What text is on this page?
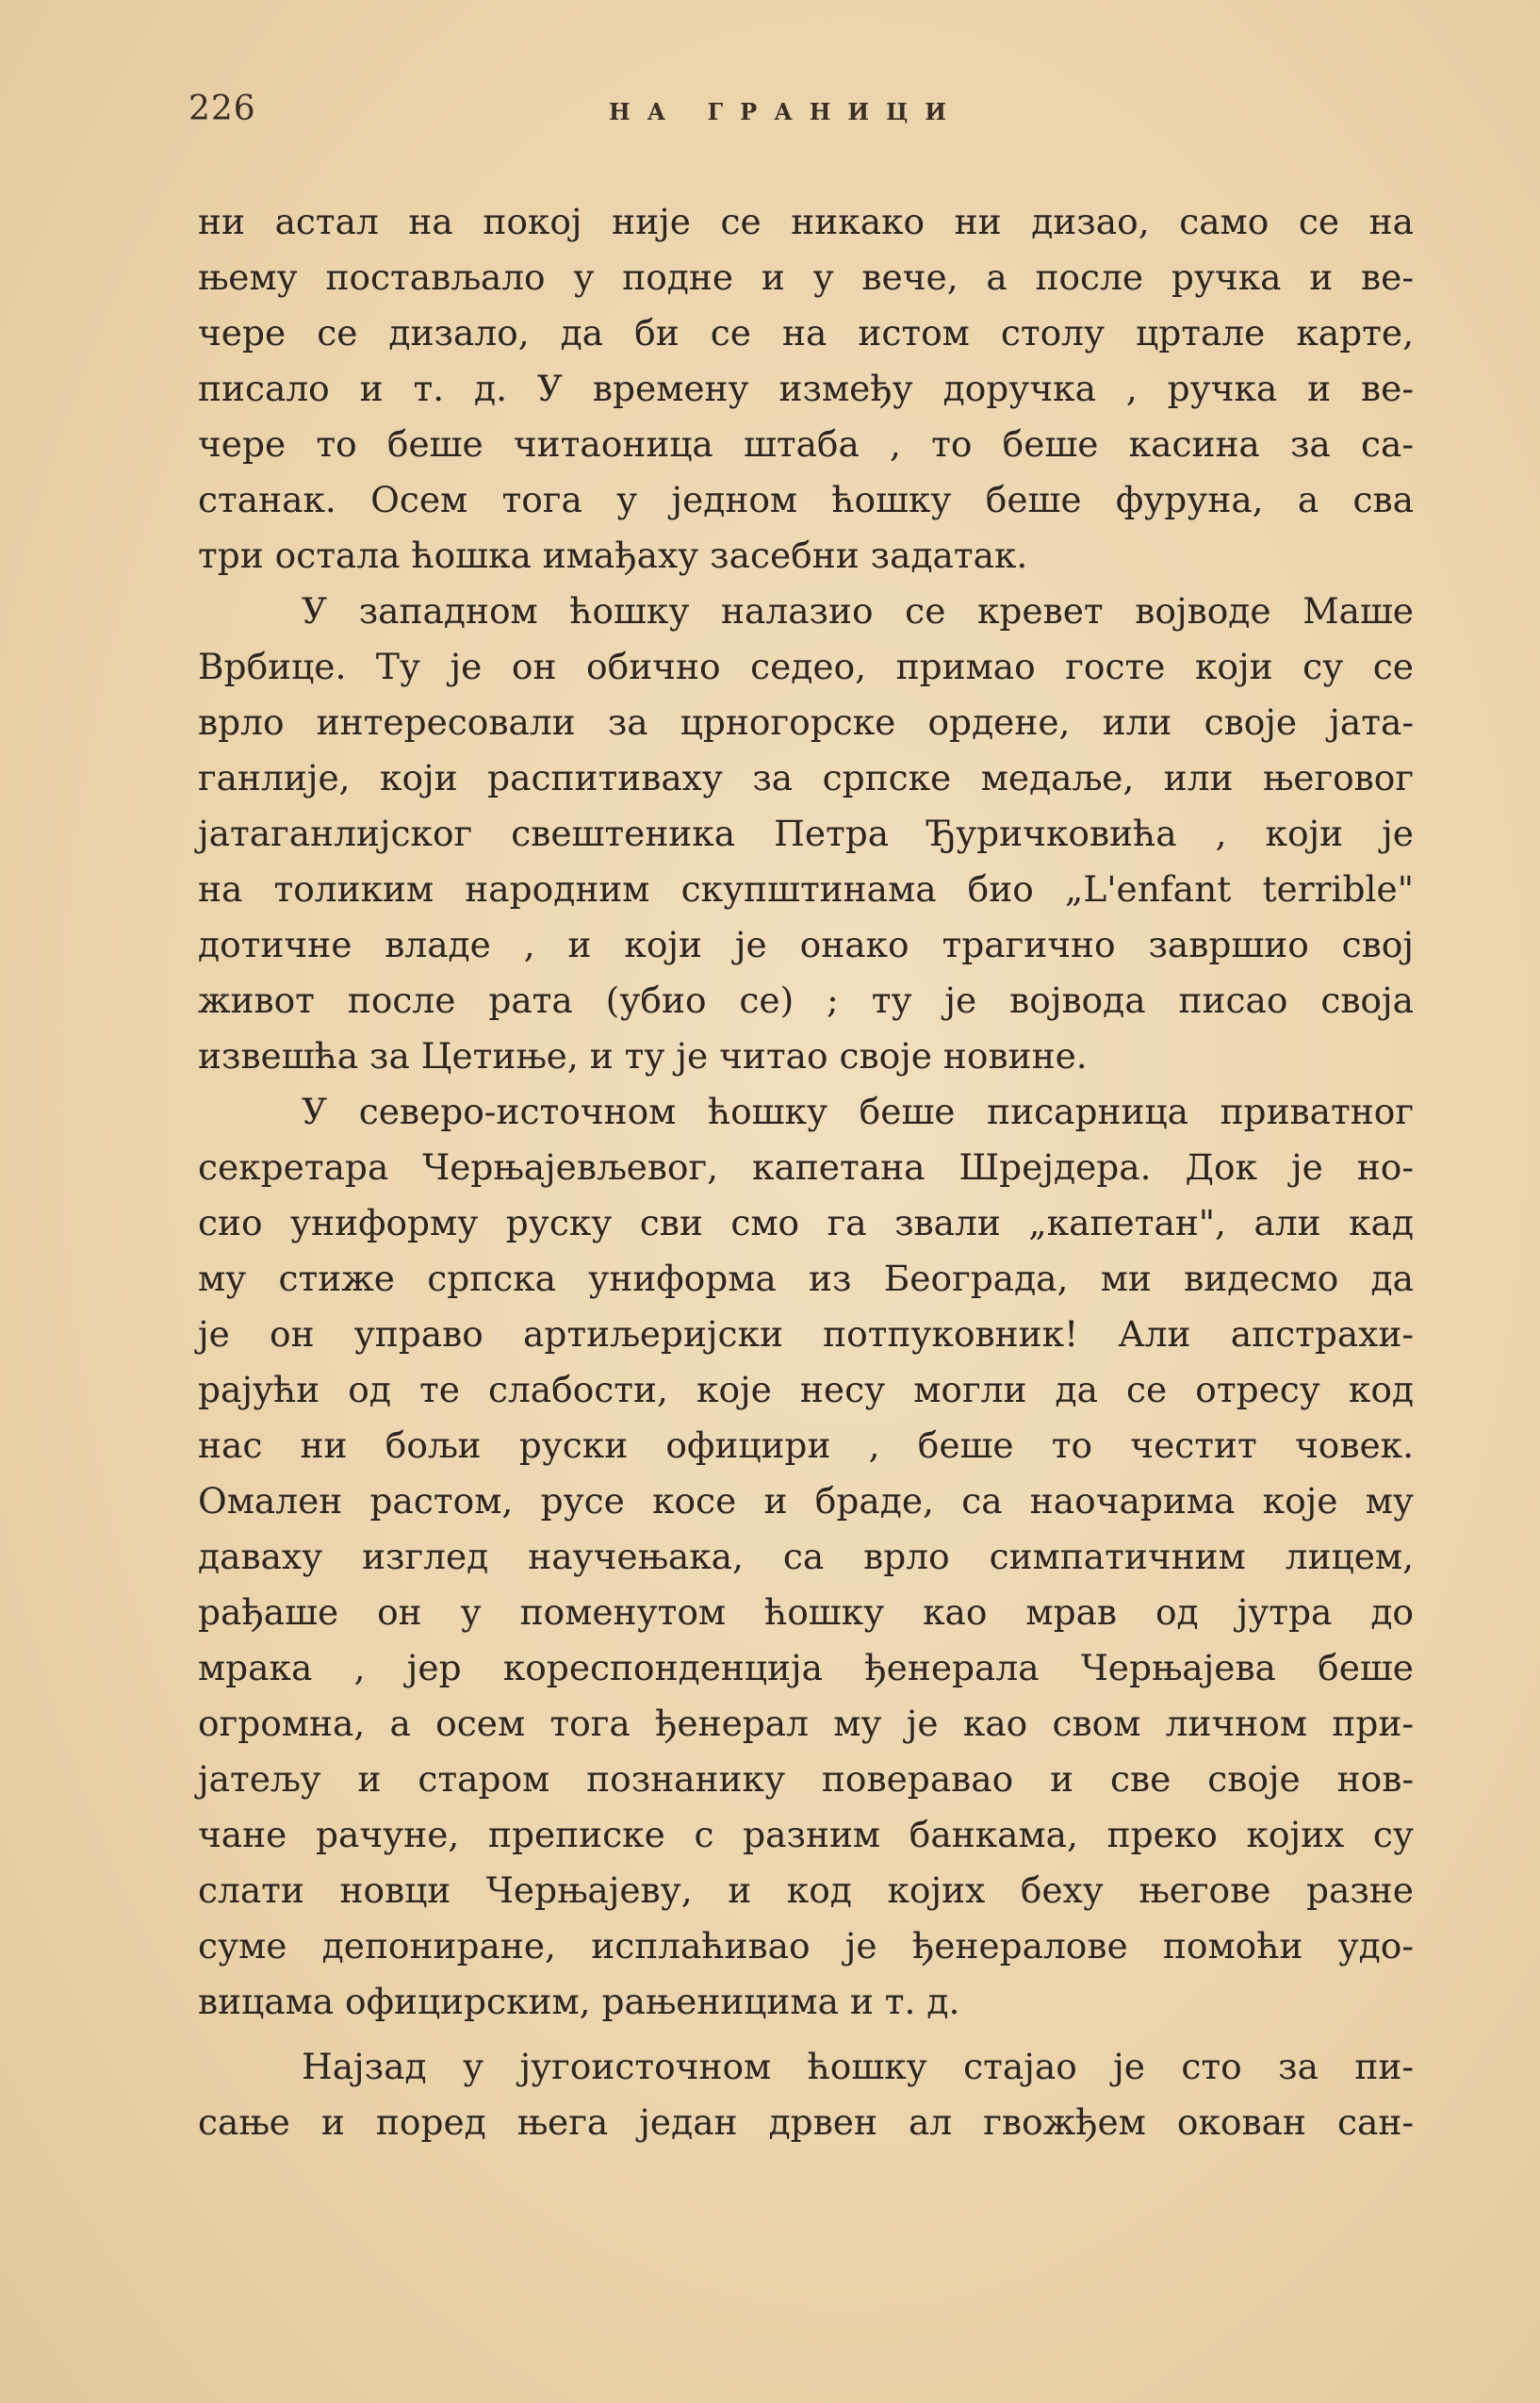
226	НА ГРАНИЦИ

ни астал на покој није се никако ни дизао, само се на
њему постављало у подне и у вече, а после ручка и ве-
чере се дизало, да би се на истом столу цртале карте,
писало и т. д. У времену између доручка , ручка и ве-
чере то беше читаоница штаба , то беше касина за са-
станак. Осем тога у једном ћошку беше фуруна, а сва
три остала ћошка имађаху засебни задатак.

У западном ћошку налазио се кревет војводе Маше
Врбице. Ту је он обично седео, примао госте који су се
врло интересовали за црногорске ордене, или своје јата-
ганлије, који распитиваху за српске медаље, или његовог
јатаганлијског свештеника Петра Ђуричковића , који је
на толиким народним скупштинама био „L'enfant terrible"
дотичне владе , и који је онако трагично завршио свој
живот после рата (убио се) ; ту је војвода писао своја
извешћа за Цетиње, и ту је читао своје новине.

У северо-источном ћошку беше писарница приватног
секретара Черњајевљевог, капетана Шрејдера. Док је но-
сио униформу руску сви смо га звали „капетан", али кад
му стиже српска униформа из Београда, ми видесмо да
је он управо артиљеријски потпуковник! Али апстрахи-
рајући од те слабости, које несу могли да се отресу код
нас ни бољи руски официри , беше то честит човек.
Омален растом, русе косе и браде, са наочарима које му
даваху изглед научењака, са врло симпатичним лицем,
рађаше он у поменутом ћошку као мрав од јутра до
мрака , јер кореспонденција ђенерала Черњајева беше
огромна, а осем тога ђенерал му је као свом личном при-
јатељу и старом познанику поверавао и све своје нов-
чане рачуне, преписке с разним банкама, преко којих су
слати новци Черњајеву, и код којих беху његове разне
суме депониране, исплаћивао је ђенералове помоћи удо-
вицама официрским, рањеницима и т. д.

Најзад у југоисточном ћошку стајао је сто за пи-
сање и поред њега један дрвен ал гвожђем окован сан-
